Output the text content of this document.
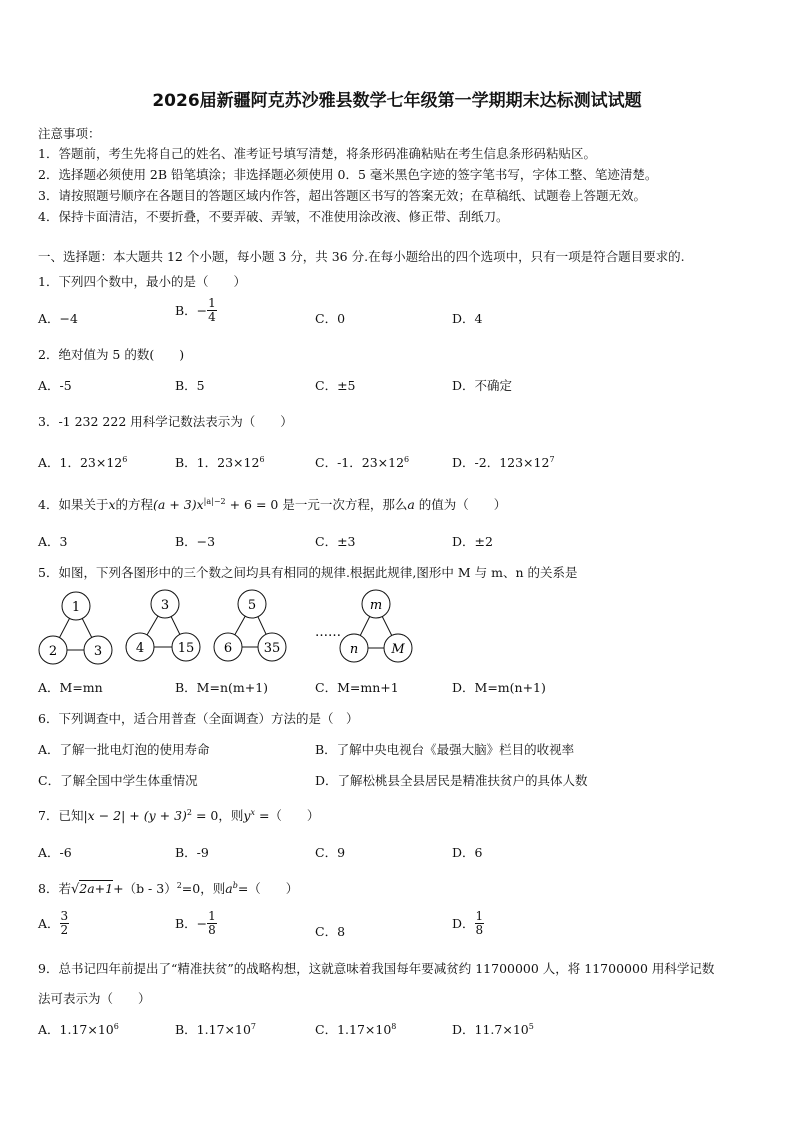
2026届新疆阿克苏沙雅县数学七年级第一学期期末达标测试试题
注意事项：
1．答题前，考生先将自己的姓名、准考证号填写清楚，将条形码准确粘贴在考生信息条形码粘贴区。
2．选择题必须使用 2B 铅笔填涂；非选择题必须使用 0．5 毫米黑色字迹的签字笔书写，字体工整、笔迹清楚。
3．请按照题号顺序在各题目的答题区域内作答，超出答题区书写的答案无效；在草稿纸、试题卷上答题无效。
4．保持卡面清洁，不要折叠，不要弄破、弄皱，不准使用涂改液、修正带、刮纸刀。
一、选择题：本大题共 12 个小题，每小题 3 分，共 36 分.在每小题给出的四个选项中，只有一项是符合题目要求的.
1．下列四个数中，最小的是（　　）
A．−4
B．− $\frac{1}{4}$	C．0	D．4
2．绝对值为 5 的数(　　)
A．-5	B．5	C．±5	D．不确定
3．-1 232 222 用科学记数法表示为（　　）
A．1．$23\times 12^6$	B．1．$23\times 12^6$	C．-1．$23\times 12^6$	D．-2．$123\times 12^7$
4．如果关于x的方程$(a + 3)x^{|a|-2} + 6 = 0$ 是一元一次方程，那么a 的值为（　　）
A．3	B．−3	C．±3	D．±2
5．如图，下列各图形中的三个数之间均具有相同的规律.根据此规律,图形中 M 与 m、n 的关系是
1
2	3
3
4	15
5
6 35
……
m
n	M
A．M=mn	B．M=n(m+1)	C．M=mn+1	D．M=m(n+1)
6．下列调查中，适合用普查（全面调查）方法的是（　）
A．了解一批电灯泡的使用寿命	B．了解中央电视台《最强大脑》栏目的收视率
C．了解全国中学生体重情况	D．了解松桃县全县居民是精准扶贫户的具体人数
7．已知$|x - 2| + (y + 3)^2 = 0$，则$y^x$ =（　　）
A．-6	B．-9	C．9	D．6
8．若√2a+1+（b - 3）$^2$=0，则$a^b=$（　　）
A． $\frac{3}{2}$	B．− $\frac{1}{8}$	C．8
D． $\frac{1}{8}$
9．总书记四年前提出了“精准扶贫”的战略构想，这就意味着我国每年要减贫约 11700000 人，将 11700000 用科学记数
法可表示为（　　）
A．$1.17\times 10^6$	B．$1.17\times 10^7$	C．$1.17\times 10^8$	D．$11.7\times 10^5$
